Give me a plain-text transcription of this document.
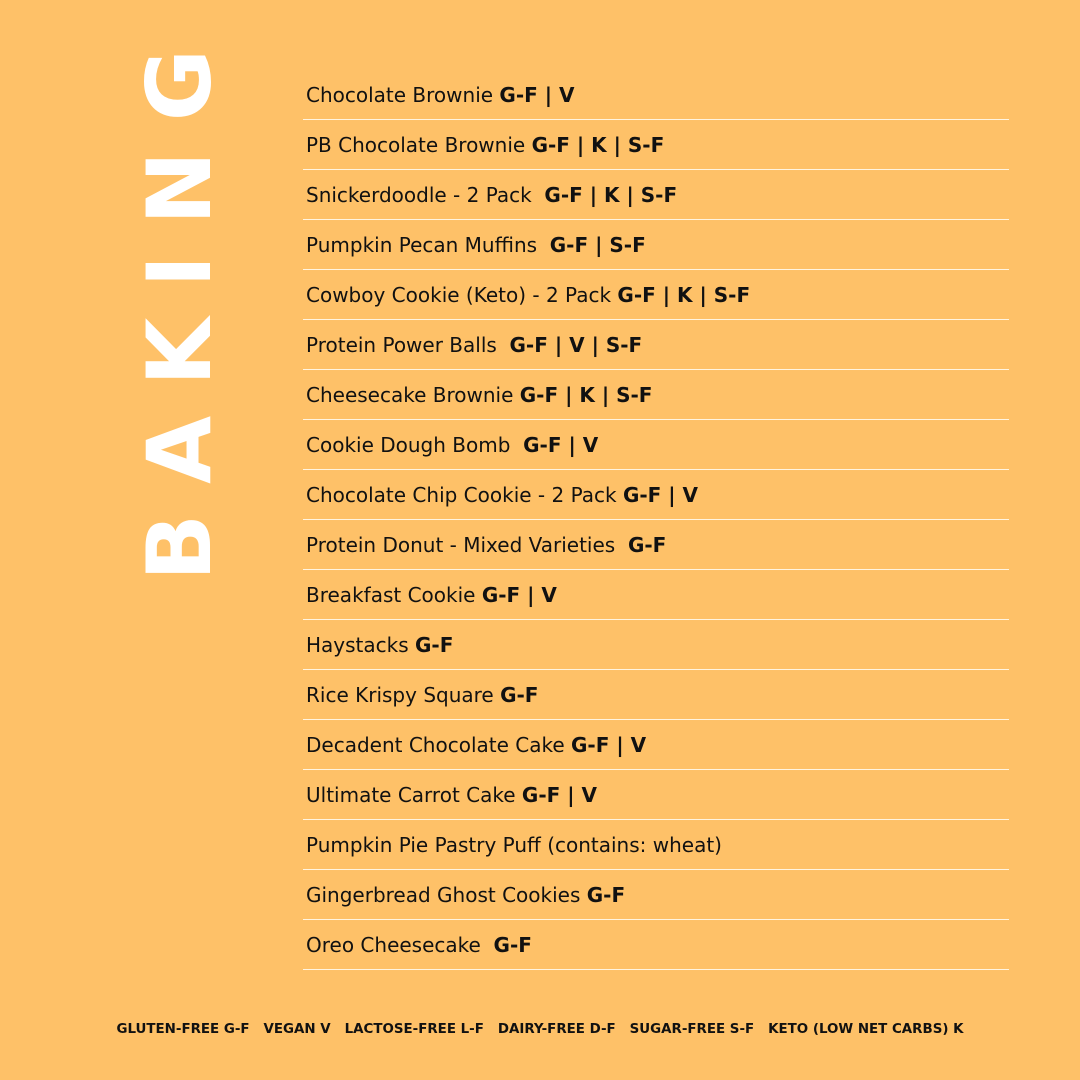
BAKING	Chocolate Brownie G-F | V
PB Chocolate Brownie G-F | K | S-F
Snickerdoodle - 2 Pack G-F | K | S-F
Pumpkin Pecan Muffins G-F | S-F
Cowboy Cookie (Keto) - 2 Pack G-F | K | S-F
Protein Power Balls G-F | V | S-F
Cheesecake Brownie G-F | K | S-F
Cookie Dough Bomb G-F | V
Chocolate Chip Cookie - 2 Pack G-F | V
Protein Donut - Mixed Varieties G-F
Breakfast Cookie G-F | V
Haystacks G-F
Rice Krispy Square G-F
Decadent Chocolate Cake G-F | V
Ultimate Carrot Cake G-F | V
Pumpkin Pie Pastry Puff (contains: wheat)
Gingerbread Ghost Cookies G-F
Oreo Cheesecake G-F
GLUTEN-FREE G-F   VEGAN V   LACTOSE-FREE L-F   DAIRY-FREE D-F   SUGAR-FREE S-F   KETO (LOW NET CARBS) K
